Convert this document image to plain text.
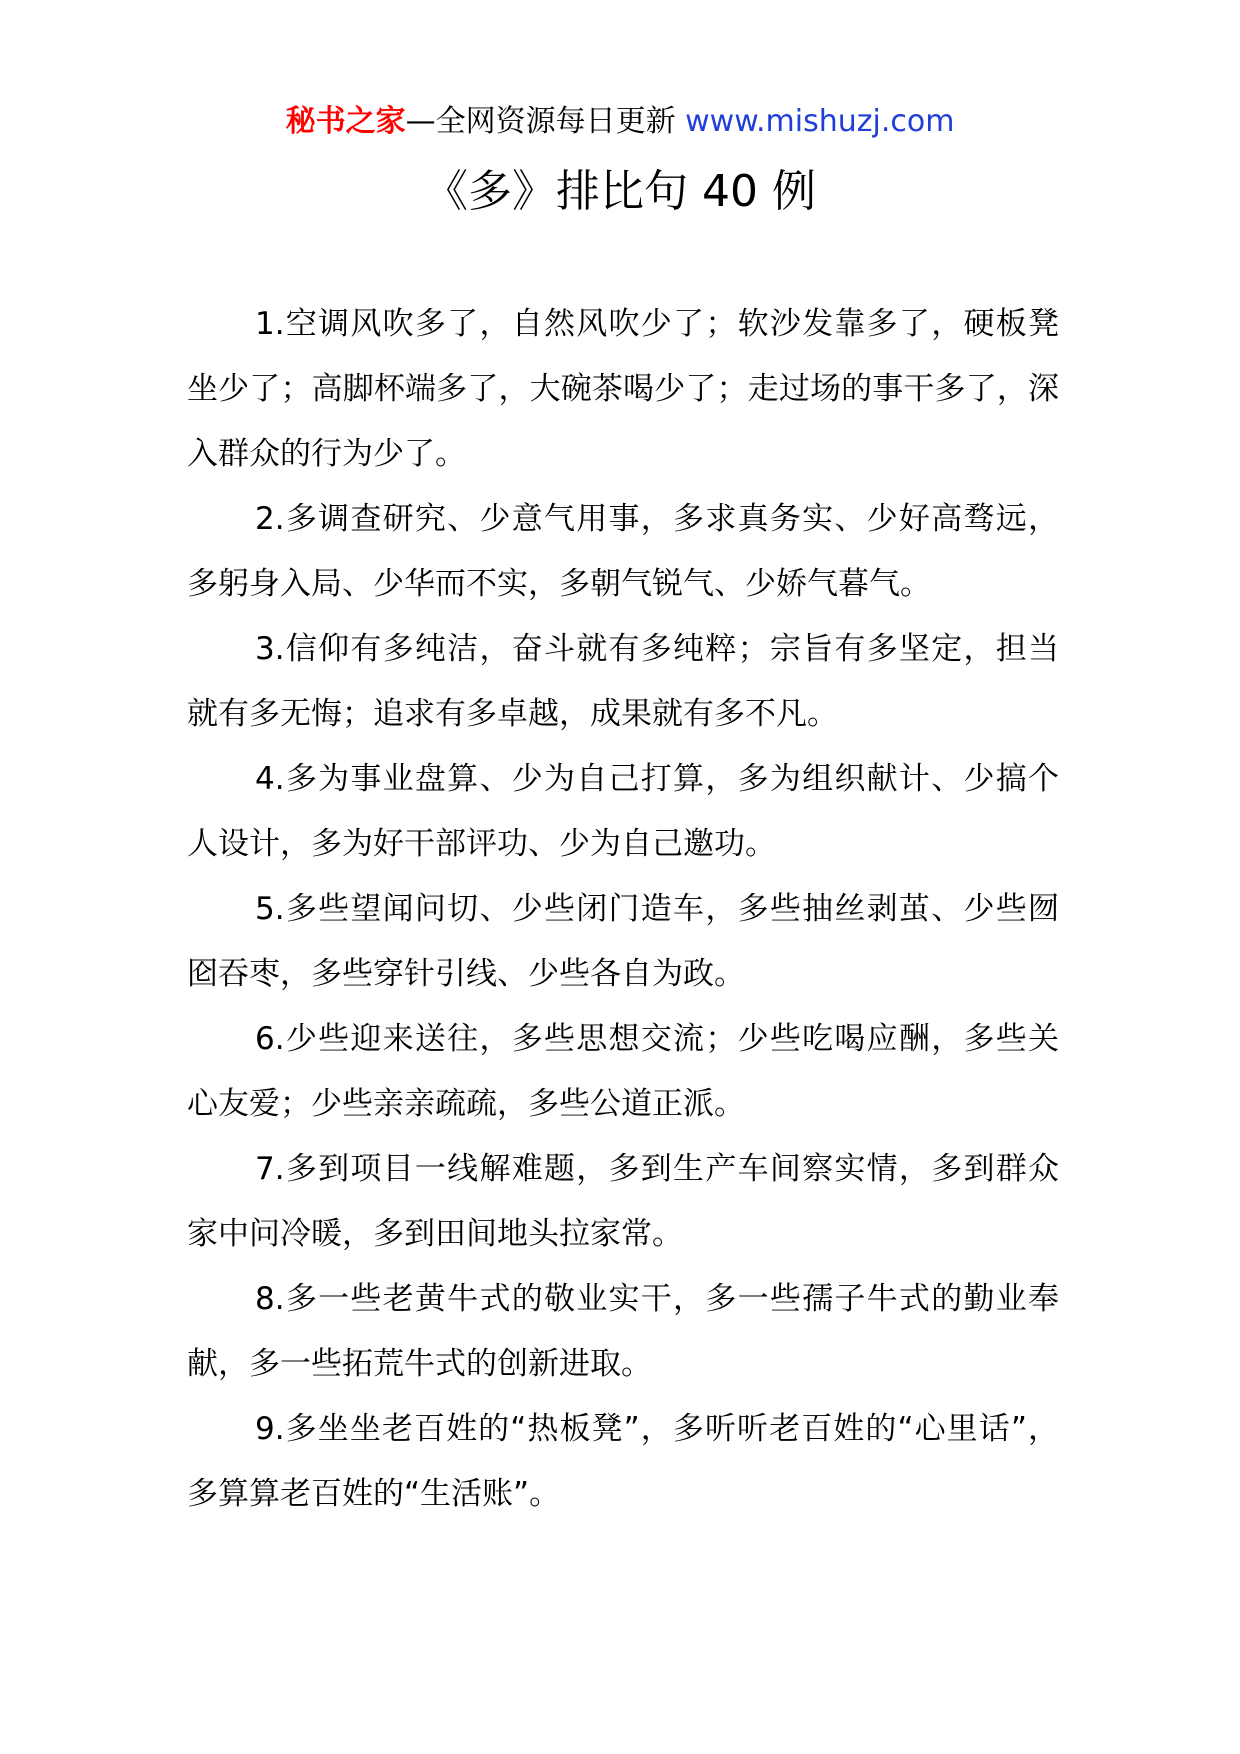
秘书之家—全网资源每日更新 www.mishuzj.com
《多》排比句 40 例

1.空调风吹多了，自然风吹少了；软沙发靠多了，硬板凳坐少了；高脚杯端多了，大碗茶喝少了；走过场的事干多了，深入群众的行为少了。

2.多调查研究、少意气用事，多求真务实、少好高骛远，多躬身入局、少华而不实，多朝气锐气、少娇气暮气。

3.信仰有多纯洁，奋斗就有多纯粹；宗旨有多坚定，担当就有多无悔；追求有多卓越，成果就有多不凡。

4.多为事业盘算、少为自己打算，多为组织献计、少搞个人设计，多为好干部评功、少为自己邀功。

5.多些望闻问切、少些闭门造车，多些抽丝剥茧、少些囫囵吞枣，多些穿针引线、少些各自为政。

6.少些迎来送往，多些思想交流；少些吃喝应酬，多些关心友爱；少些亲亲疏疏，多些公道正派。

7.多到项目一线解难题，多到生产车间察实情，多到群众家中问冷暖，多到田间地头拉家常。

8.多一些老黄牛式的敬业实干，多一些孺子牛式的勤业奉献，多一些拓荒牛式的创新进取。

9.多坐坐老百姓的“热板凳”，多听听老百姓的“心里话”，多算算老百姓的“生活账”。
